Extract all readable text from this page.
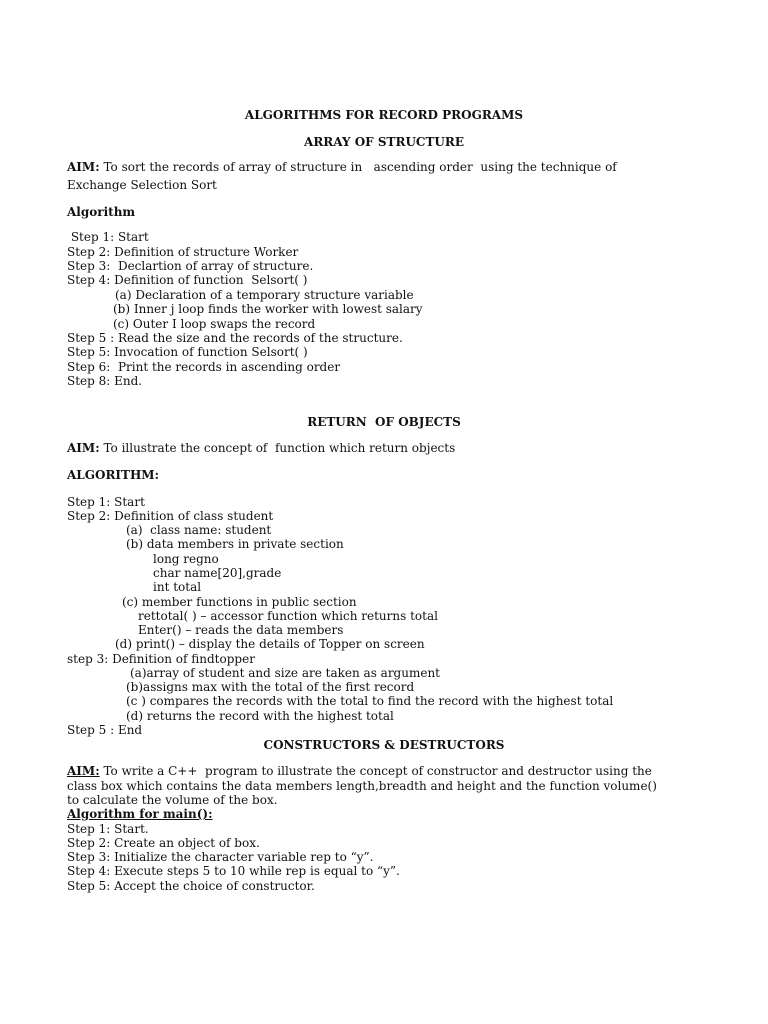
ALGORITHMS FOR RECORD PROGRAMS
ARRAY OF STRUCTURE
AIM: To sort the records of array of structure in   ascending order  using the technique of
Exchange Selection Sort
Algorithm
Step 1: Start
Step 2: Definition of structure Worker
Step 3:  Declartion of array of structure.
Step 4: Definition of function  Selsort( )
(a) Declaration of a temporary structure variable
(b) Inner j loop finds the worker with lowest salary
(c) Outer I loop swaps the record
Step 5 : Read the size and the records of the structure.
Step 5: Invocation of function Selsort( )
Step 6:  Print the records in ascending order
Step 8: End.
RETURN  OF OBJECTS
AIM: To illustrate the concept of  function which return objects
ALGORITHM:
Step 1: Start
Step 2: Definition of class student
(a)  class name: student
(b) data members in private section
long regno
char name[20],grade
int total
(c) member functions in public section
rettotal( ) – accessor function which returns total
Enter() – reads the data members
(d) print() – display the details of Topper on screen
step 3: Definition of findtopper
(a)array of student and size are taken as argument
(b)assigns max with the total of the first record
(c ) compares the records with the total to find the record with the highest total
(d) returns the record with the highest total
Step 5 : End
CONSTRUCTORS & DESTRUCTORS
AIM: To write a C++  program to illustrate the concept of constructor and destructor using the
class box which contains the data members length,breadth and height and the function volume()
to calculate the volume of the box.
Algorithm for main():
Step 1: Start.
Step 2: Create an object of box.
Step 3: Initialize the character variable rep to “y”.
Step 4: Execute steps 5 to 10 while rep is equal to “y”.
Step 5: Accept the choice of constructor.
